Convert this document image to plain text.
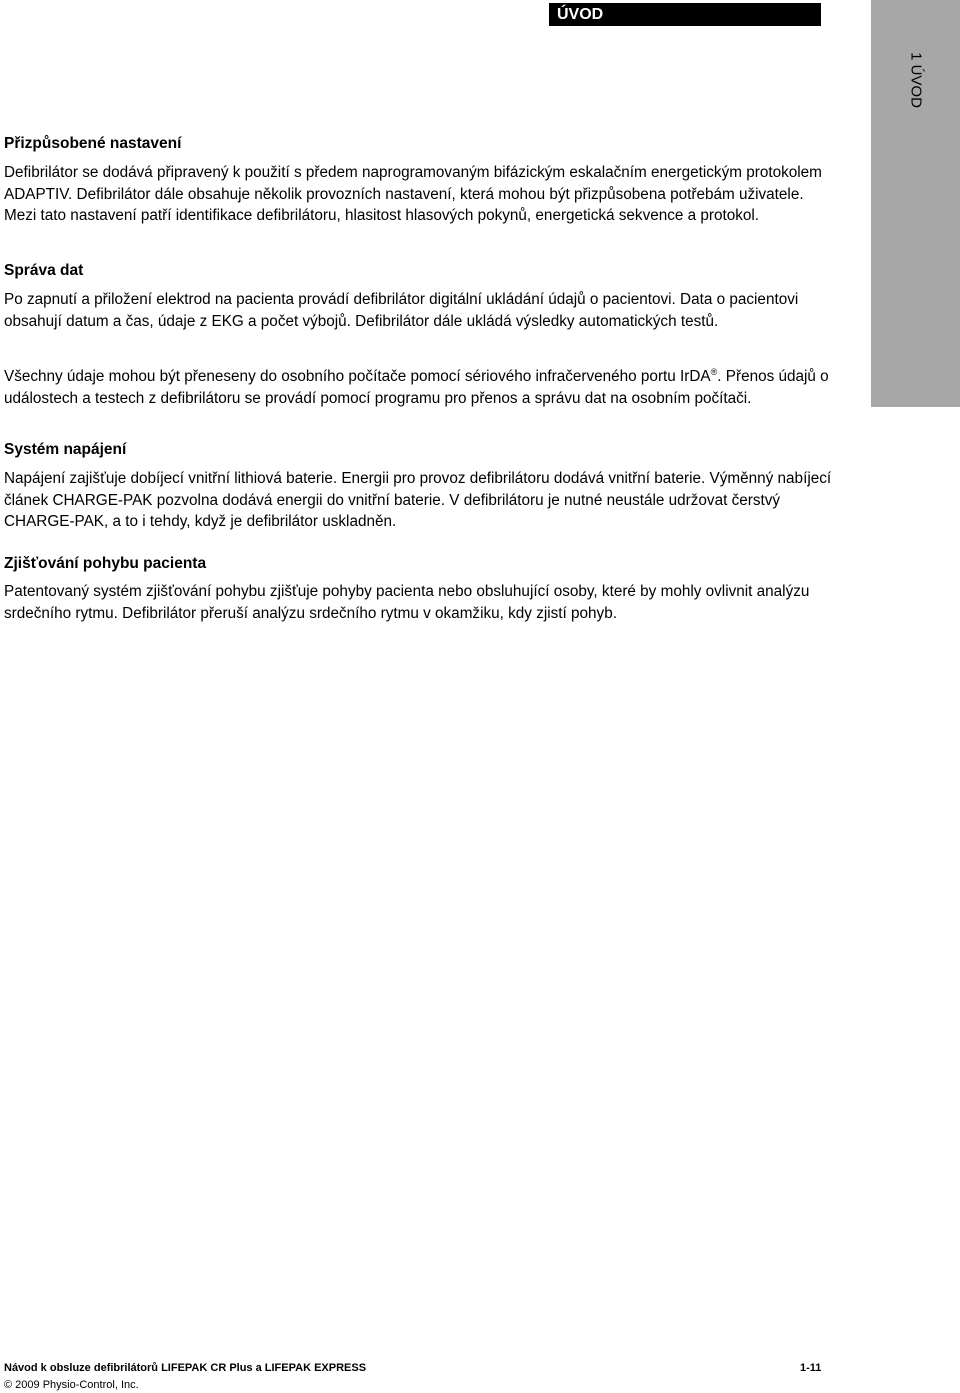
ÚVOD
1 ÚVOD
Přizpůsobené nastavení

Defibrilátor se dodává připravený k použití s předem naprogramovaným bifázickým eskalačním energetickým protokolem ADAPTIV. Defibrilátor dále obsahuje několik provozních nastavení, která mohou být přizpůsobena potřebám uživatele. Mezi tato nastavení patří identifikace defibrilátoru, hlasitost hlasových pokynů, energetická sekvence a protokol.

Správa dat

Po zapnutí a přiložení elektrod na pacienta provádí defibrilátor digitální ukládání údajů o pacientovi. Data o pacientovi obsahují datum a čas, údaje z EKG a počet výbojů. Defibrilátor dále ukládá výsledky automatických testů.

Všechny údaje mohou být přeneseny do osobního počítače pomocí sériového infračerveného portu IrDA®. Přenos údajů o událostech a testech z defibrilátoru se provádí pomocí programu pro přenos a správu dat na osobním počítači.

Systém napájení

Napájení zajišťuje dobíjecí vnitřní lithiová baterie. Energii pro provoz defibrilátoru dodává vnitřní baterie. Výměnný nabíjecí článek CHARGE-PAK pozvolna dodává energii do vnitřní baterie. V defibrilátoru je nutné neustále udržovat čerstvý CHARGE-PAK, a to i tehdy, když je defibrilátor uskladněn.

Zjišťování pohybu pacienta

Patentovaný systém zjišťování pohybu zjišťuje pohyby pacienta nebo obsluhující osoby, které by mohly ovlivnit analýzu srdečního rytmu. Defibrilátor přeruší analýzu srdečního rytmu v okamžiku, kdy zjistí pohyb.

Návod k obsluze defibrilátorů LIFEPAK CR Plus a LIFEPAK EXPRESS	1-11
© 2009 Physio-Control, Inc.
